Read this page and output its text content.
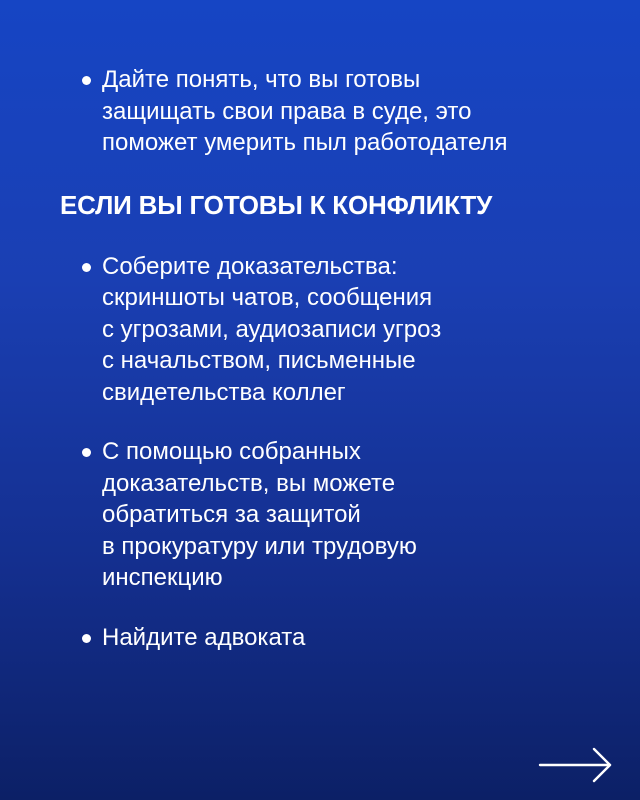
Дайте понять, что вы готовы
защищать свои права в суде, это
поможет умерить пыл работодателя
ЕСЛИ ВЫ ГОТОВЫ К КОНФЛИКТУ
Соберите доказательства:
скриншоты чатов, сообщения
с угрозами, аудиозаписи угроз
с начальством, письменные
свидетельства коллег
С помощью собранных
доказательств, вы можете
обратиться за защитой
в прокуратуру или трудовую
инспекцию
Найдите адвоката
